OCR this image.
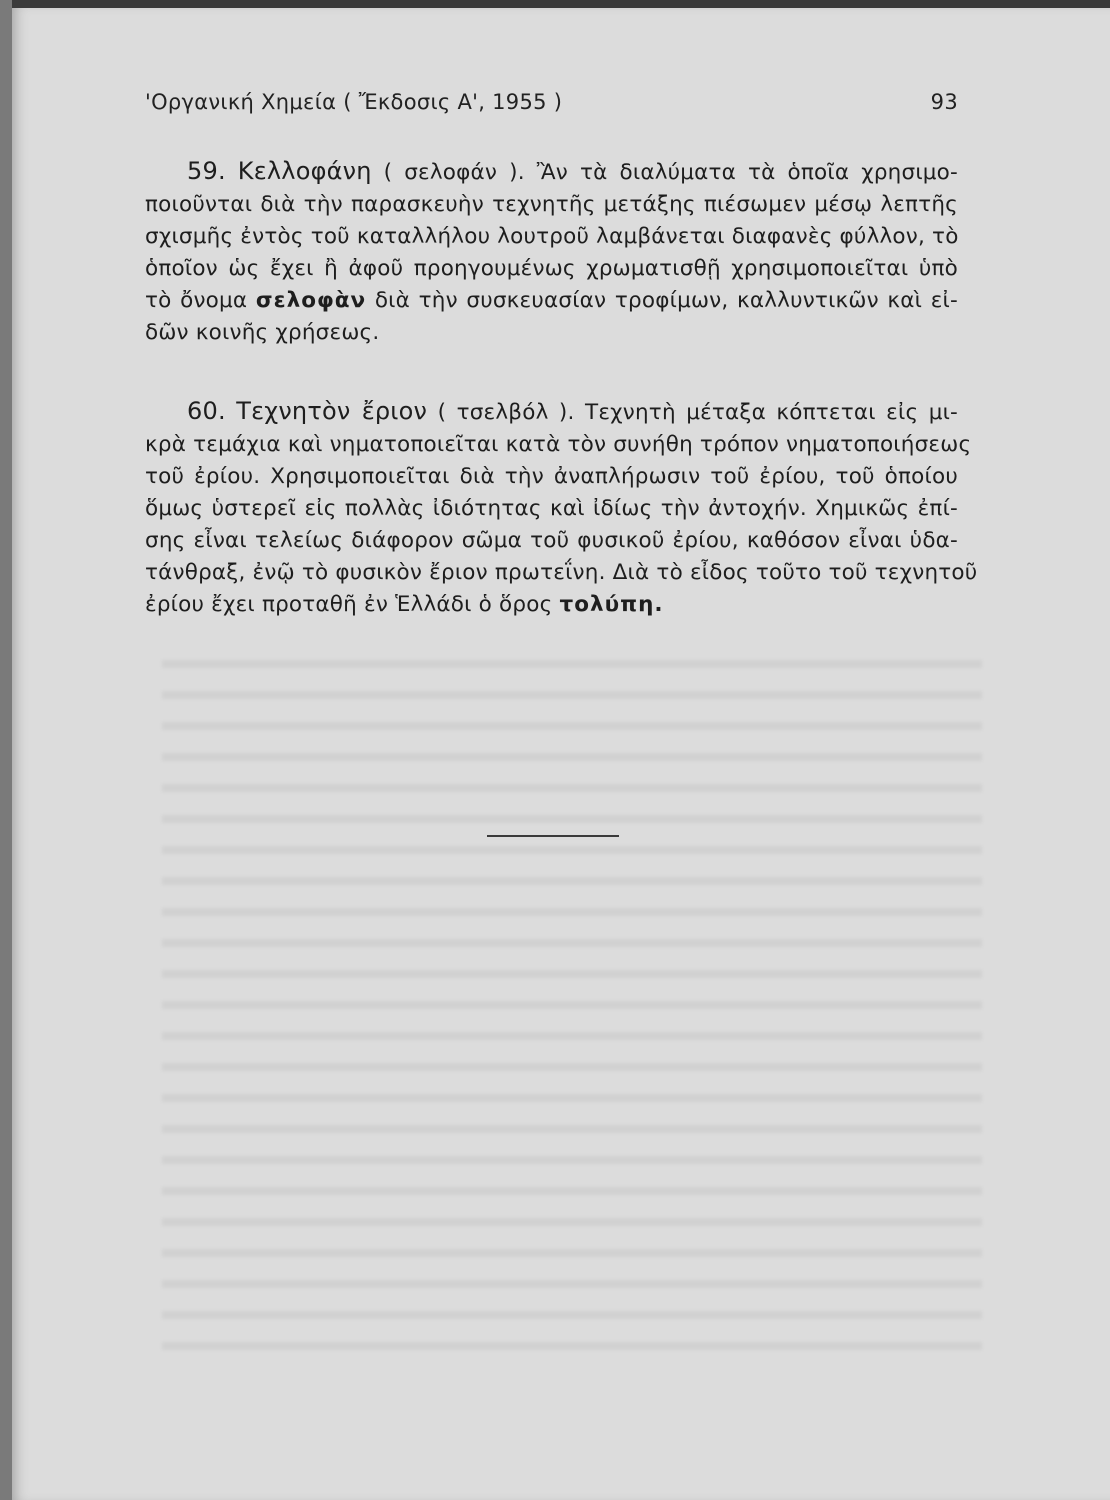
'Οργανική Χημεία ( Ἔκδοσις Α', 1955 )	93
59. Κελλοφάνη ( σελοφάν ). Ἂν τὰ διαλύματα τὰ ὁποῖα χρησιμο-
ποιοῦνται διὰ τὴν παρασκευὴν τεχνητῆς μετάξης πιέσωμεν μέσῳ λεπτῆς
σχισμῆς ἐντὸς τοῦ καταλλήλου λουτροῦ λαμβάνεται διαφανὲς φύλλον, τὸ
ὁποῖον ὡς ἔχει ἢ ἀφοῦ προηγουμένως χρωματισθῇ χρησιμοποιεῖται ὑπὸ
τὸ ὄνομα σελοφὰν διὰ τὴν συσκευασίαν τροφίμων, καλλυντικῶν καὶ εἰ-
δῶν κοινῆς χρήσεως.
60. Τεχνητὸν ἔριον ( τσελβόλ ). Τεχνητὴ μέταξα κόπτεται εἰς μι-
κρὰ τεμάχια καὶ νηματοποιεῖται κατὰ τὸν συνήθη τρόπον νηματοποιήσεως
τοῦ ἐρίου. Χρησιμοποιεῖται διὰ τὴν ἀναπλήρωσιν τοῦ ἐρίου, τοῦ ὁποίου
ὅμως ὑστερεῖ εἰς πολλὰς ἰδιότητας καὶ ἰδίως τὴν ἀντοχήν. Χημικῶς ἐπί-
σης εἶναι τελείως διάφορον σῶμα τοῦ φυσικοῦ ἐρίου, καθόσον εἶναι ὑδα-
τάνθραξ, ἐνῷ τὸ φυσικὸν ἔριον πρωτεΐνη. Διὰ τὸ εἶδος τοῦτο τοῦ τεχνητοῦ
ἐρίου ἔχει προταθῆ ἐν Ἑλλάδι ὁ ὅρος τολύπη.
